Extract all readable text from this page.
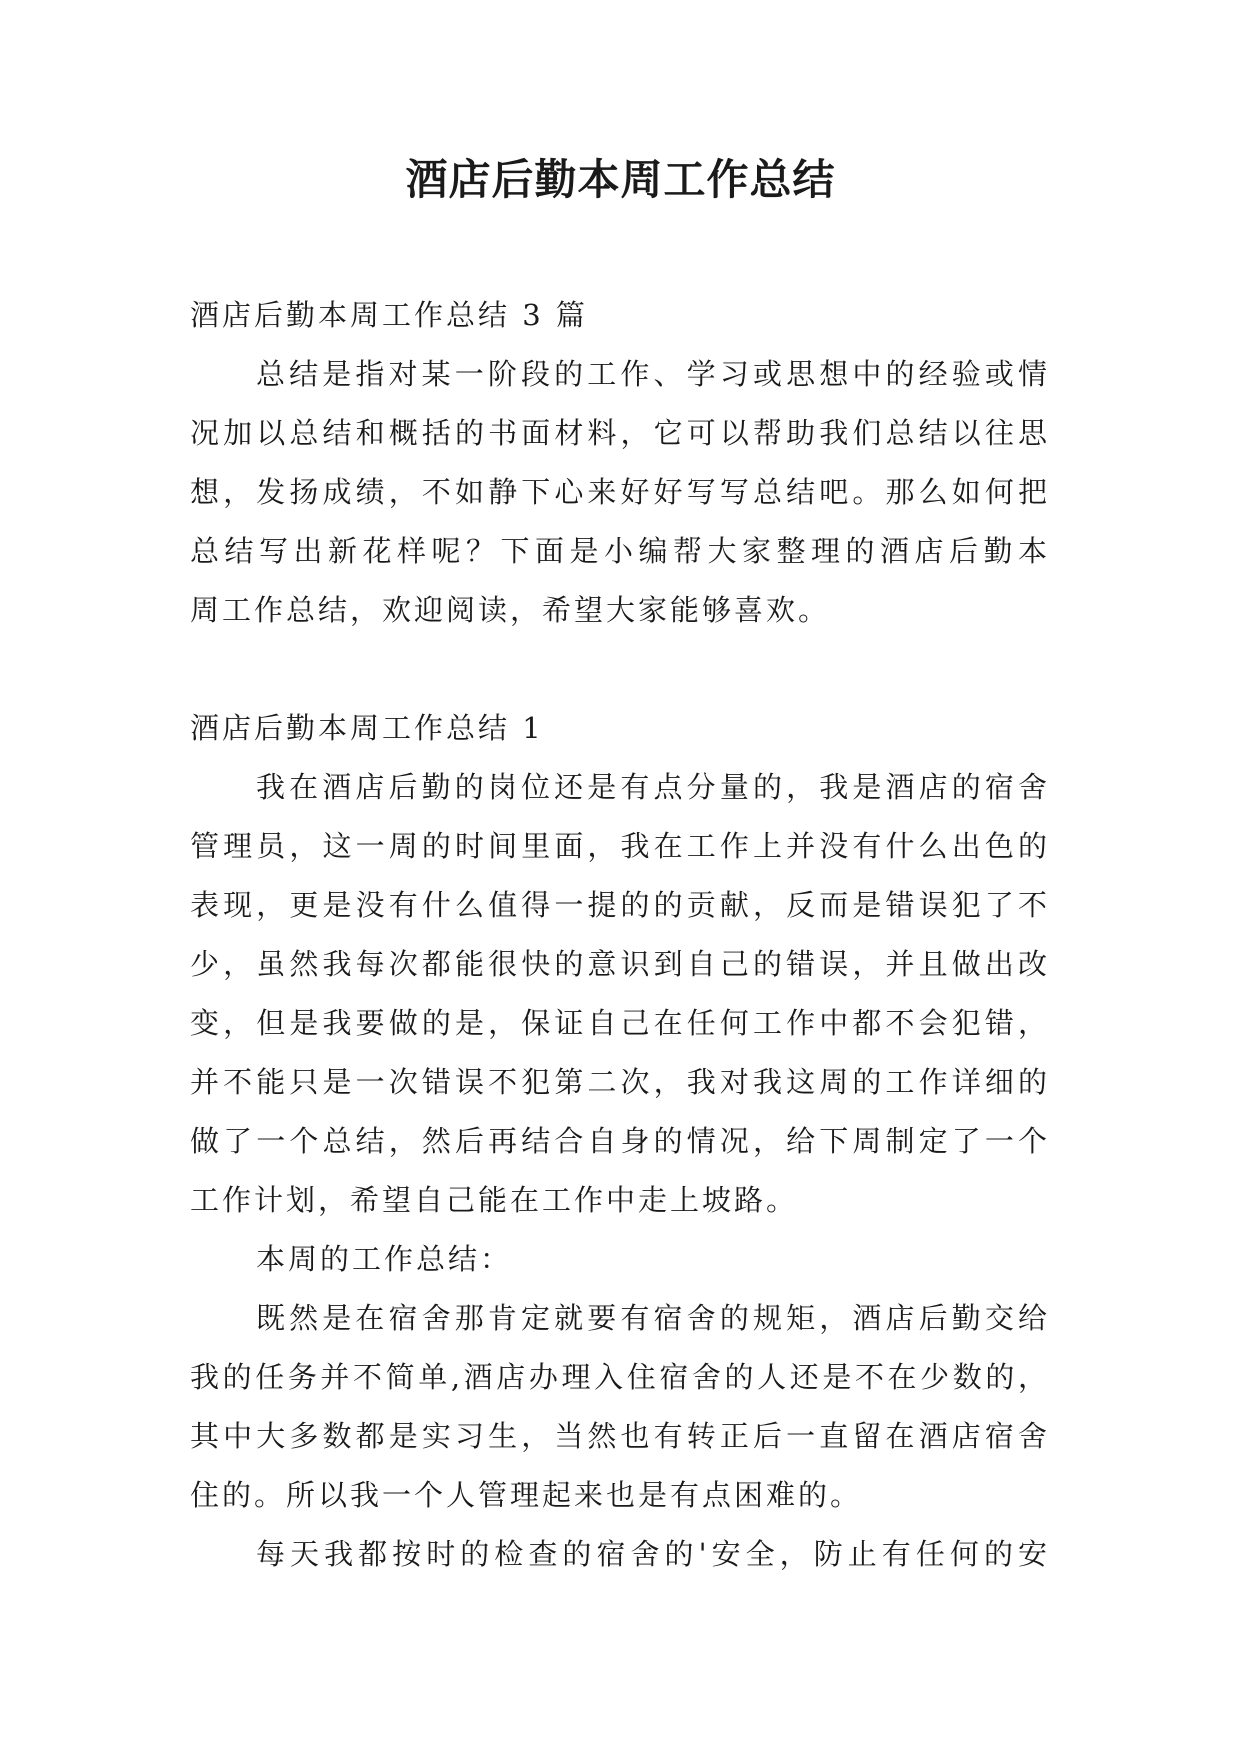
酒店后勤本周工作总结
酒店后勤本周工作总结 3 篇
总结是指对某一阶段的工作、学习或思想中的经验或情
况加以总结和概括的书面材料，它可以帮助我们总结以往思
想，发扬成绩，不如静下心来好好写写总结吧。那么如何把
总结写出新花样呢？下面是小编帮大家整理的酒店后勤本
周工作总结，欢迎阅读，希望大家能够喜欢。
酒店后勤本周工作总结 1
我在酒店后勤的岗位还是有点分量的，我是酒店的宿舍
管理员，这一周的时间里面，我在工作上并没有什么出色的
表现，更是没有什么值得一提的的贡献，反而是错误犯了不
少，虽然我每次都能很快的意识到自己的错误，并且做出改
变，但是我要做的是，保证自己在任何工作中都不会犯错，
并不能只是一次错误不犯第二次，我对我这周的工作详细的
做了一个总结，然后再结合自身的情况，给下周制定了一个
工作计划，希望自己能在工作中走上坡路。
本周的工作总结：
既然是在宿舍那肯定就要有宿舍的规矩，酒店后勤交给
我的任务并不简单,酒店办理入住宿舍的人还是不在少数的，
其中大多数都是实习生，当然也有转正后一直留在酒店宿舍
住的。所以我一个人管理起来也是有点困难的。
每天我都按时的检查的宿舍的'安全，防止有任何的安
